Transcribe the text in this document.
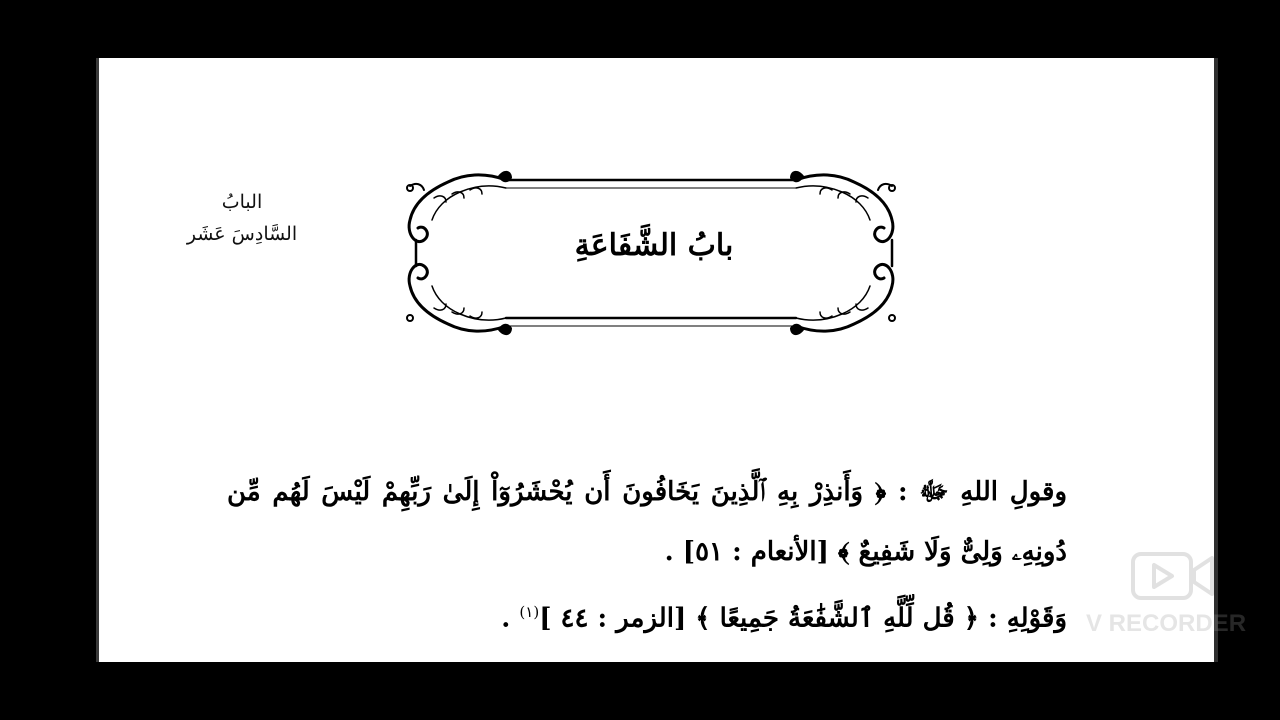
البابُ
السَّادِسَ عَشَر	بابُ الشَّفَاعَةِ

وقولِ اللهِ ﷻ : ﴿ وَأَنذِرْ بِهِ ٱلَّذِينَ يَخَافُونَ أَن يُحْشَرُوٓاْ إِلَىٰ رَبِّهِمْ لَيْسَ لَهُم مِّن دُونِهِۦ وَلِىٌّ وَلَا شَفِيعٌ ﴾ [الأنعام : ٥١] .

وَقَوْلِهِ : ﴿ قُل لِّلَّهِ ٱلشَّفَٰعَةُ جَمِيعًا ﴾ [الزمر : ٤٤ ]$^{(١)}$ .	V RECORDER
